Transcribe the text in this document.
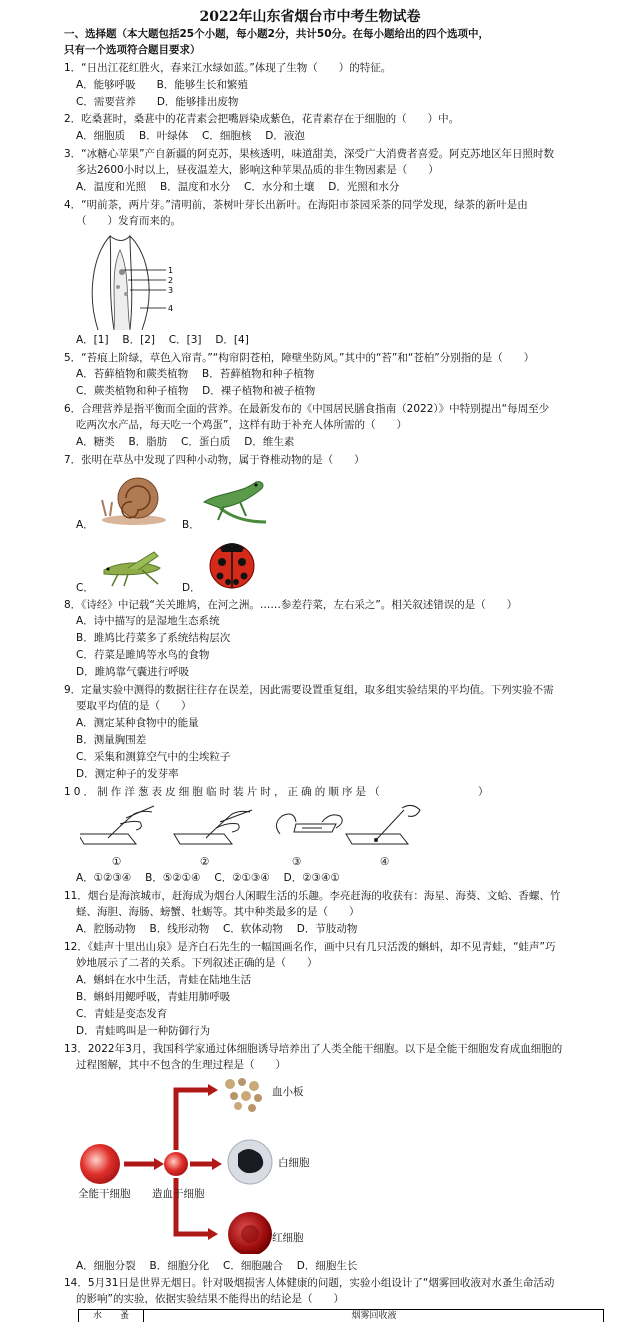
2022年山东省烟台市中考生物试卷
一、选择题（本大题包括25个小题，每小题2分，共计50分。在每小题给出的四个选项中，
只有一个选项符合题目要求）
1．“日出江花红胜火，春来江水绿如蓝。”体现了生物（　　）的特征。
A．能够呼吸　　B．能够生长和繁殖
C．需要营养　　D．能够排出废物
2．吃桑葚时，桑葚中的花青素会把嘴唇染成紫色，花青素存在于细胞的（　　）中。
A．细胞质　 B．叶绿体　 C．细胞核　 D．液泡
3．“冰糖心苹果”产自新疆的阿克苏，果核透明，味道甜美，深受广大消费者喜爱。阿克苏地区年日照时数
多达2600小时以上，昼夜温差大，影响这种苹果品质的非生物因素是（　　）
A．温度和光照　 B．温度和水分　 C．水分和土壤　 D．光照和水分
4．“明前茶，两片芽。”清明前，茶树叶芽长出新叶。在海阳市茶园采茶的同学发现，绿茶的新叶是由
（　　）发育而来的。
1
2
3
4
A．[1]　 B．[2]　 C．[3]　 D．[4]
5．“苔痕上阶绿，草色入帘青。”“构帘阴苍柏，障壁坐防风。”其中的“苔”和“苍柏”分别指的是（　　）
A．苔藓植物和蕨类植物　 B．苔藓植物和种子植物
C．蕨类植物和种子植物　 D．裸子植物和被子植物
6．合理营养是指平衡而全面的营养。在最新发布的《中国居民膳食指南（2022）》中特别提出“每周至少
吃两次水产品，每天吃一个鸡蛋”，这样有助于补充人体所需的（　　）
A．糖类　 B．脂肪　 C．蛋白质　 D．维生素
7．张明在草丛中发现了四种小动物，属于脊椎动物的是（　　）
A．	B．
C．	D．
8．《诗经》中记载“关关雎鸠，在河之洲。……参差荇菜，左右采之”。相关叙述错误的是（　　）
A．诗中描写的是湿地生态系统
B．雎鸠比荇菜多了系统结构层次
C．荇菜是雎鸠等水鸟的食物
D．雎鸠靠气囊进行呼吸
9．定量实验中测得的数据往往存在误差，因此需要设置重复组，取多组实验结果的平均值。下列实验不需
要取平均值的是（　　）
A．测定某种食物中的能量
B．测量胸围差
C．采集和测算空气中的尘埃粒子
D．测定种子的发芽率
10．制作洋葱表皮细胞临时装片时，正确的顺序是（　　　　　　　）
①	②	③	④
A．①②③④　 B．⑤②①④　 C．②①③④　 D．②③④①
11．烟台是海滨城市，赶海成为烟台人闲暇生活的乐趣。李亮赶海的收获有：海星、海葵、文蛤、香螺、竹
蛏、海胆、海肠、螃蟹、牡蛎等。其中种类最多的是（　　）
A．腔肠动物　 B．线形动物　 C．软体动物　 D．节肢动物
12．《蛙声十里出山泉》是齐白石先生的一幅国画名作，画中只有几只活泼的蝌蚪，却不见青蛙，“蛙声”巧
妙地展示了二者的关系。下列叙述正确的是（　　）
A．蝌蚪在水中生活，青蛙在陆地生活
B．蝌蚪用鳃呼吸，青蛙用肺呼吸
C．青蛙是变态发育
D．青蛙鸣叫是一种防御行为
13．2022年3月，我国科学家通过体细胞诱导培养出了人类全能干细胞。以下是全能干细胞发育成血细胞的
过程图解，其中不包含的生理过程是（　　）
血小板
白细胞
红细胞
全能干细胞 造血干细胞
A．细胞分裂　 B．细胞分化　 C．细胞融合　 D．细胞生长
14．5月31日是世界无烟日。针对吸烟损害人体健康的问题，实验小组设计了“烟雾回收液对水蚤生命活动
的影响”的实验，依据实验结果不能得出的结论是（　　）
水　　蚤	烟雾回收液
